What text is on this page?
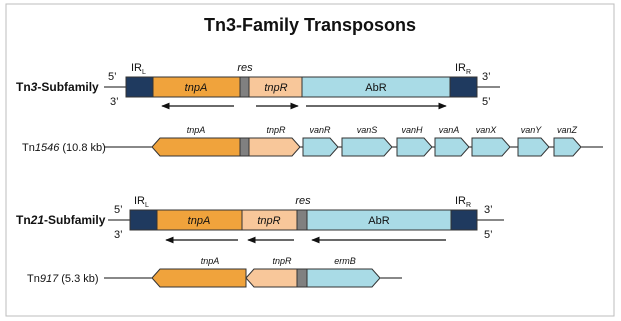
Tn3-Family Transposons
Tn3-Subfamily
5’
3’
3’
5’
tnpA	tnpR	AbR
$IR_L$	$IR_R$
res
Tn1546 (10.8 kb)
tnpA	tnpR	vanR	vanS	vanH vanA vanX	vanY vanZ
Tn21-Subfamily
5’
3’
3’
5’
tnpA	tnpR	AbR
$IR_L$	$IR_R$
res
Tn917 (5.3 kb)
tnpA	tnpR	ermB
